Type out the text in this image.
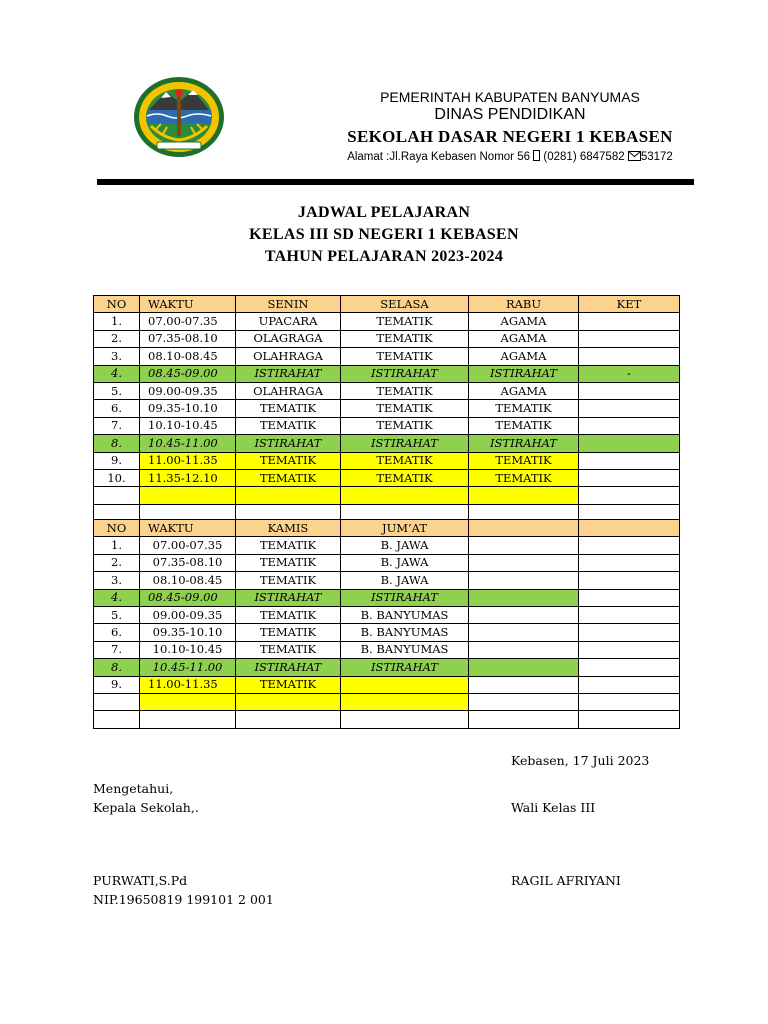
PEMERINTAH KABUPATEN BANYUMAS
DINAS PENDIDIKAN
SEKOLAH DASAR NEGERI 1 KEBASEN
Alamat :Jl.Raya Kebasen Nomor 56 (0281) 6847582 53172
JADWAL PELAJARAN
KELAS III SD NEGERI 1 KEBASEN
TAHUN PELAJARAN 2023-2024
NO	WAKTU	SENIN	SELASA	RABU	KET
1.	07.00-07.35	UPACARA	TEMATIK	AGAMA	
2.	07.35-08.10	OLAGRAGA	TEMATIK	AGAMA	
3.	08.10-08.45	OLAHRAGA	TEMATIK	AGAMA	
4.	08.45-09.00	ISTIRAHAT	ISTIRAHAT	ISTIRAHAT	-
5.	09.00-09.35	OLAHRAGA	TEMATIK	AGAMA	
6.	09.35-10.10	TEMATIK	TEMATIK	TEMATIK	
7.	10.10-10.45	TEMATIK	TEMATIK	TEMATIK	
8.	10.45-11.00	ISTIRAHAT	ISTIRAHAT	ISTIRAHAT	
9.	11.00-11.35	TEMATIK	TEMATIK	TEMATIK	
10.	11.35-12.10	TEMATIK	TEMATIK	TEMATIK	

NO	WAKTU	KAMIS	JUM’AT		
1.	07.00-07.35	TEMATIK	B. JAWA		
2.	07.35-08.10	TEMATIK	B. JAWA		
3.	08.10-08.45	TEMATIK	B. JAWA		
4.	08.45-09.00	ISTIRAHAT	ISTIRAHAT		
5.	09.00-09.35	TEMATIK	B. BANYUMAS		
6.	09.35-10.10	TEMATIK	B. BANYUMAS		
7.	10.10-10.45	TEMATIK	B. BANYUMAS		
8.	10.45-11.00	ISTIRAHAT	ISTIRAHAT		
9.	11.00-11.35	TEMATIK			

Kebasen, 17 Juli 2023
Mengetahui,
Kepala Sekolah,.	Wali Kelas III
PURWATI,S.Pd	RAGIL AFRIYANI
NIP.19650819 199101 2 001
